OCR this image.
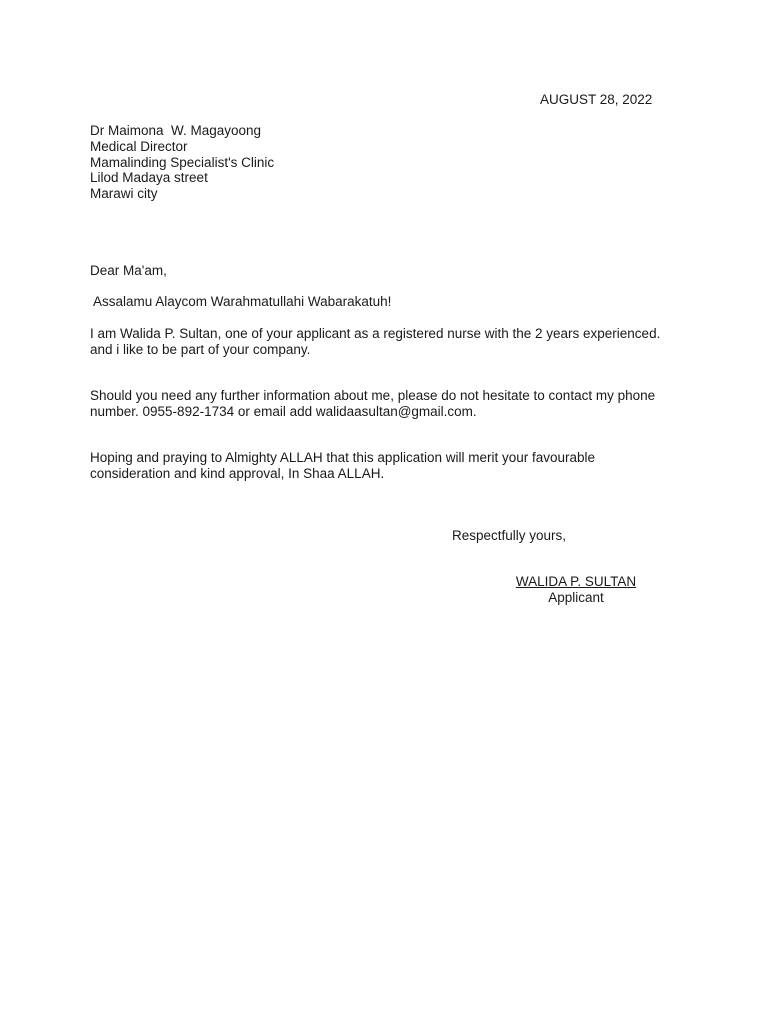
AUGUST 28, 2022
Dr Maimona  W. Magayoong
Medical Director
Mamalinding Specialist's Clinic
Lilod Madaya street
Marawi city
Dear Ma'am,
Assalamu Alaycom Warahmatullahi Wabarakatuh!
I am Walida P. Sultan, one of your applicant as a registered nurse with the 2 years experienced.
and i like to be part of your company.
Should you need any further information about me, please do not hesitate to contact my phone
number. 0955-892-1734 or email add walidaasultan@gmail.com.
Hoping and praying to Almighty ALLAH that this application will merit your favourable
consideration and kind approval, In Shaa ALLAH.
Respectfully yours,
WALIDA P. SULTAN
Applicant
